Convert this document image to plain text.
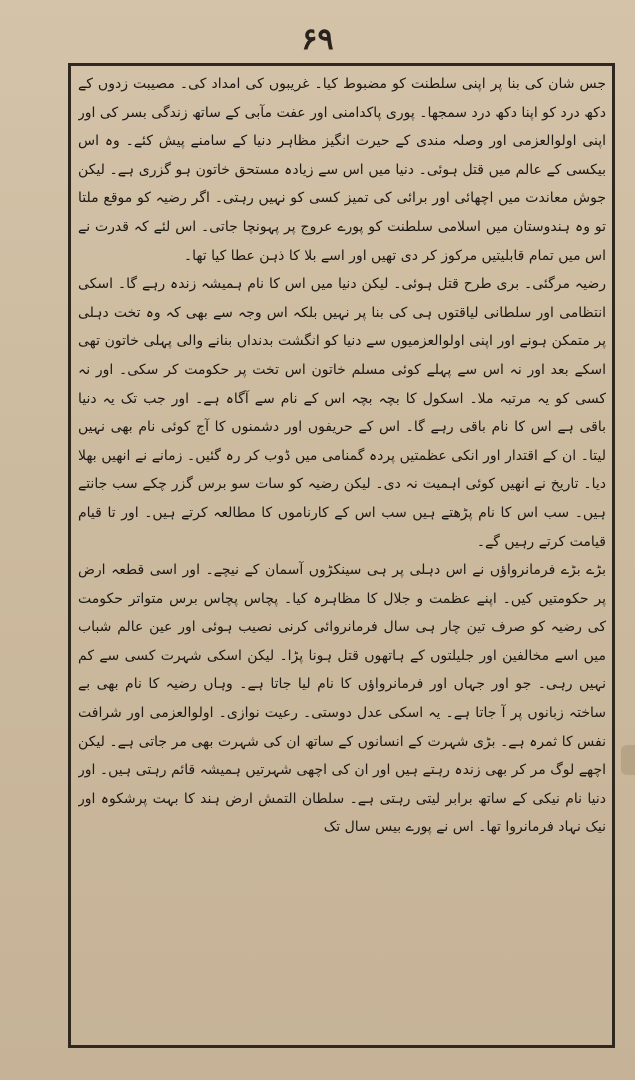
۶۹

جس شان کی بنا پر اپنی سلطنت کو مضبوط کیا۔ غریبوں کی امداد کی۔ مصیبت زدوں کے دکھ درد کو اپنا دکھ درد سمجھا۔ پوری پاکدامنی اور عفت مآبی کے ساتھ زندگی بسر کی اور اپنی اولوالعزمی اور وصلہ مندی کے حیرت انگیز مظاہر دنیا کے سامنے پیش کئے۔ وہ اس بیکسی کے عالم میں قتل ہوئی۔ دنیا میں اس سے زیادہ مستحق خاتون ہو گزری ہے۔ لیکن جوش معاندت میں اچھائی اور برائی کی تمیز کسی کو نہیں رہتی۔ اگر رضیہ کو موقع ملتا تو وہ ہندوستان میں اسلامی سلطنت کو پورے عروج پر پہونچا جاتی۔ اس لئے کہ قدرت نے اس میں تمام قابلیتیں مرکوز کر دی تھیں اور اسے بلا کا ذہن عطا کیا تھا۔

رضیہ مرگئی۔ بری طرح قتل ہوئی۔ لیکن دنیا میں اس کا نام ہمیشہ زندہ رہے گا۔ اسکی انتظامی اور سلطانی لیاقتوں ہی کی بنا پر نہیں بلکہ اس وجہ سے بھی کہ وہ تخت دہلی پر متمکن ہونے اور اپنی اولوالعزمیوں سے دنیا کو انگشت بدنداں بنانے والی پہلی خاتون تھی اسکے بعد اور نہ اس سے پہلے کوئی مسلم خاتون اس تخت پر حکومت کر سکی۔ اور نہ کسی کو یہ مرتبہ ملا۔ اسکول کا بچہ بچہ اس کے نام سے آگاہ ہے۔ اور جب تک یہ دنیا باقی ہے اس کا نام باقی رہے گا۔ اس کے حریفوں اور دشمنوں کا آج کوئی نام بھی نہیں لیتا۔ ان کے اقتدار اور انکی عظمتیں پردہ گمنامی میں ڈوب کر رہ گئیں۔ زمانے نے انھیں بھلا دیا۔ تاریخ نے انھیں کوئی اہمیت نہ دی۔ لیکن رضیہ کو سات سو برس گزر چکے سب جانتے ہیں۔ سب اس کا نام پڑھتے ہیں سب اس کے کارناموں کا مطالعہ کرتے ہیں۔ اور تا قیام قیامت کرتے رہیں گے۔

بڑے بڑے فرمانرواؤں نے اس دہلی پر ہی سینکڑوں آسمان کے نیچے۔ اور اسی قطعہ ارض پر حکومتیں کیں۔ اپنے عظمت و جلال کا مظاہرہ کیا۔ پچاس پچاس برس متواتر حکومت کی رضیہ کو صرف تین چار ہی سال فرمانروائی کرنی نصیب ہوئی اور عین عالم شباب میں اسے مخالفین اور جلیلتوں کے ہاتھوں قتل ہونا پڑا۔ لیکن اسکی شہرت کسی سے کم نہیں رہی۔ جو اور جہاں اور فرمانرواؤں کا نام لیا جاتا ہے۔ وہاں رضیہ کا نام بھی بے ساختہ زبانوں پر آ جاتا ہے۔ یہ اسکی عدل دوستی۔ رعیت نوازی۔ اولوالعزمی اور شرافت نفس کا ثمرہ ہے۔ بڑی شہرت کے انسانوں کے ساتھ ان کی شہرت بھی مر جاتی ہے۔ لیکن اچھے لوگ مر کر بھی زندہ رہتے ہیں اور ان کی اچھی شہرتیں ہمیشہ قائم رہتی ہیں۔ اور دنیا نام نیکی کے ساتھ برابر لیتی رہتی ہے۔ سلطان التمش ارض ہند کا بہت پرشکوہ اور نیک نہاد فرمانروا تھا۔ اس نے پورے بیس سال تک
